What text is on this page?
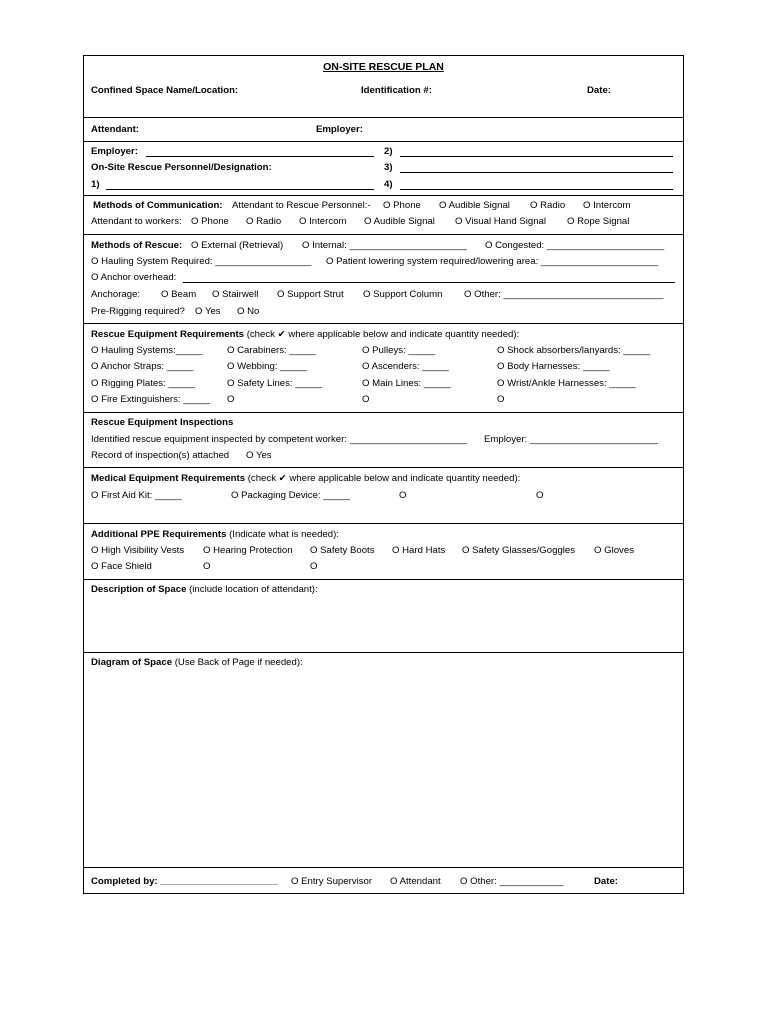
ON-SITE RESCUE PLAN
Confined Space Name/Location:	Identification #:	Date:
Attendant:	Employer:
Employer:	2)
On-Site Rescue Personnel/Designation:	3)
1)	4)
Methods of Communication: Attendant to Rescue Personnel:- O Phone O Audible Signal O Radio O Intercom
Attendant to workers: O Phone O Radio O Intercom O Audible Signal O Visual Hand Signal O Rope Signal
Methods of Rescue: O External (Retrieval) O Internal: ______________________ O Congested: ______________________
O Hauling System Required: __________________ O Patient lowering system required/lowering area: ______________________
O Anchor overhead:
Anchorage: O Beam O Stairwell O Support Strut O Support Column O Other: ______________________________
Pre-Rigging required? O Yes O No
Rescue Equipment Requirements (check ✔ where applicable below and indicate quantity needed):
O Hauling Systems:_____	O Carabiners: _____	O Pulleys: _____	O Shock absorbers/lanyards: _____
O Anchor Straps: _____	O Webbing: _____	O Ascenders: _____	O Body Harnesses: _____
O Rigging Plates: _____	O Safety Lines: _____	O Main Lines: _____	O Wrist/Ankle Harnesses: _____
O Fire Extinguishers: _____ O	O	O
Rescue Equipment Inspections
Identified rescue equipment inspected by competent worker: ______________________ Employer: ________________________
Record of inspection(s) attached O Yes
Medical Equipment Requirements (check ✔ where applicable below and indicate quantity needed):
O First Aid Kit: _____	O Packaging Device: _____	O	O
Additional PPE Requirements (Indicate what is needed):
O High Visibility Vests O Hearing Protection O Safety Boots O Hard Hats O Safety Glasses/Goggles O Gloves
O Face Shield	O	O
Description of Space (include location of attendant):
Diagram of Space (Use Back of Page if needed):
Completed by: ______________________ O Entry Supervisor O Attendant O Other: ____________	Date:
